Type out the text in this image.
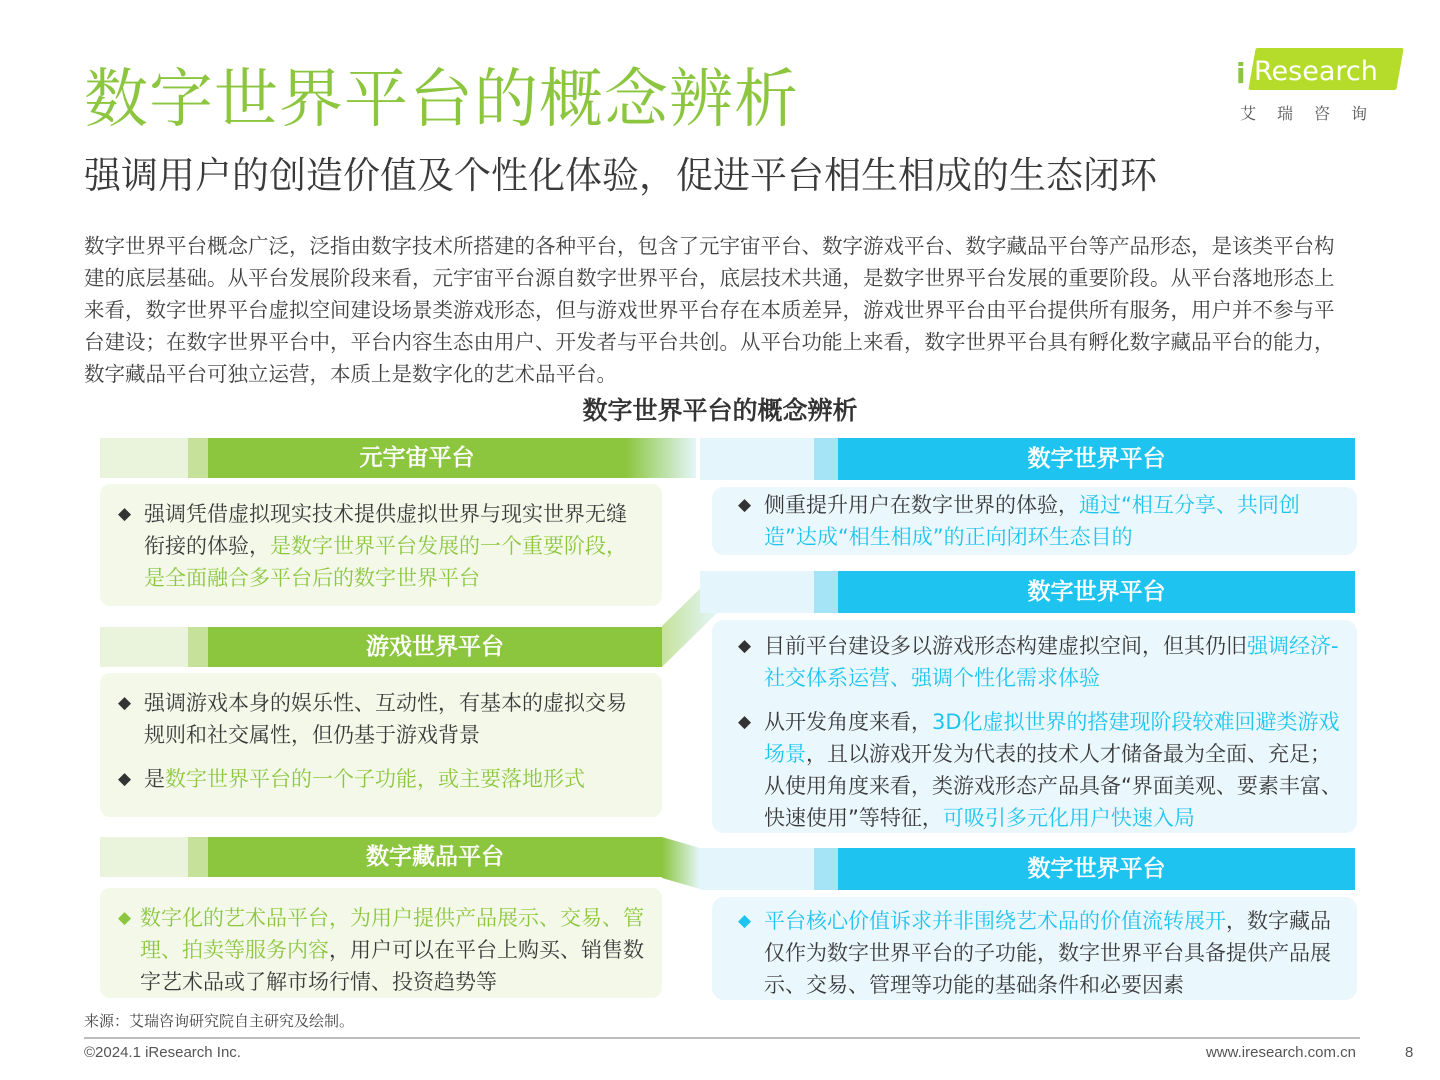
数字世界平台的概念辨析
强调用户的创造价值及个性化体验，促进平台相生相成的生态闭环
i Research
艾瑞咨询
数字世界平台概念广泛，泛指由数字技术所搭建的各种平台，包含了元宇宙平台、数字游戏平台、数字藏品平台等产品形态，是该类平台构建的底层基础。从平台发展阶段来看，元宇宙平台源自数字世界平台，底层技术共通，是数字世界平台发展的重要阶段。从平台落地形态上来看，数字世界平台虚拟空间建设场景类游戏形态，但与游戏世界平台存在本质差异，游戏世界平台由平台提供所有服务，用户并不参与平台建设；在数字世界平台中，平台内容生态由用户、开发者与平台共创。从平台功能上来看，数字世界平台具有孵化数字藏品平台的能力，数字藏品平台可独立运营，本质上是数字化的艺术品平台。
数字世界平台的概念辨析
元宇宙平台	数字世界平台
◆ 强调凭借虚拟现实技术提供虚拟世界与现实世界无缝衔接的体验，是数字世界平台发展的一个重要阶段，是全面融合多平台后的数字世界平台
◆ 侧重提升用户在数字世界的体验，通过“相互分享、共同创造”达成“相生相成”的正向闭环生态目的
数字世界平台
游戏世界平台
◆ 强调游戏本身的娱乐性、互动性，有基本的虚拟交易规则和社交属性，但仍基于游戏背景
◆ 是数字世界平台的一个子功能，或主要落地形式
◆ 目前平台建设多以游戏形态构建虚拟空间，但其仍旧强调经济-社交体系运营、强调个性化需求体验
◆ 从开发角度来看，3D化虚拟世界的搭建现阶段较难回避类游戏场景，且以游戏开发为代表的技术人才储备最为全面、充足；从使用角度来看，类游戏形态产品具备“界面美观、要素丰富、快速使用”等特征，可吸引多元化用户快速入局
数字藏品平台	数字世界平台
◆ 数字化的艺术品平台，为用户提供产品展示、交易、管理、拍卖等服务内容，用户可以在平台上购买、销售数字艺术品或了解市场行情、投资趋势等
◆ 平台核心价值诉求并非围绕艺术品的价值流转展开，数字藏品仅作为数字世界平台的子功能，数字世界平台具备提供产品展示、交易、管理等功能的基础条件和必要因素
来源：艾瑞咨询研究院自主研究及绘制。
©2024.1 iResearch Inc.	www.iresearch.com.cn	8
